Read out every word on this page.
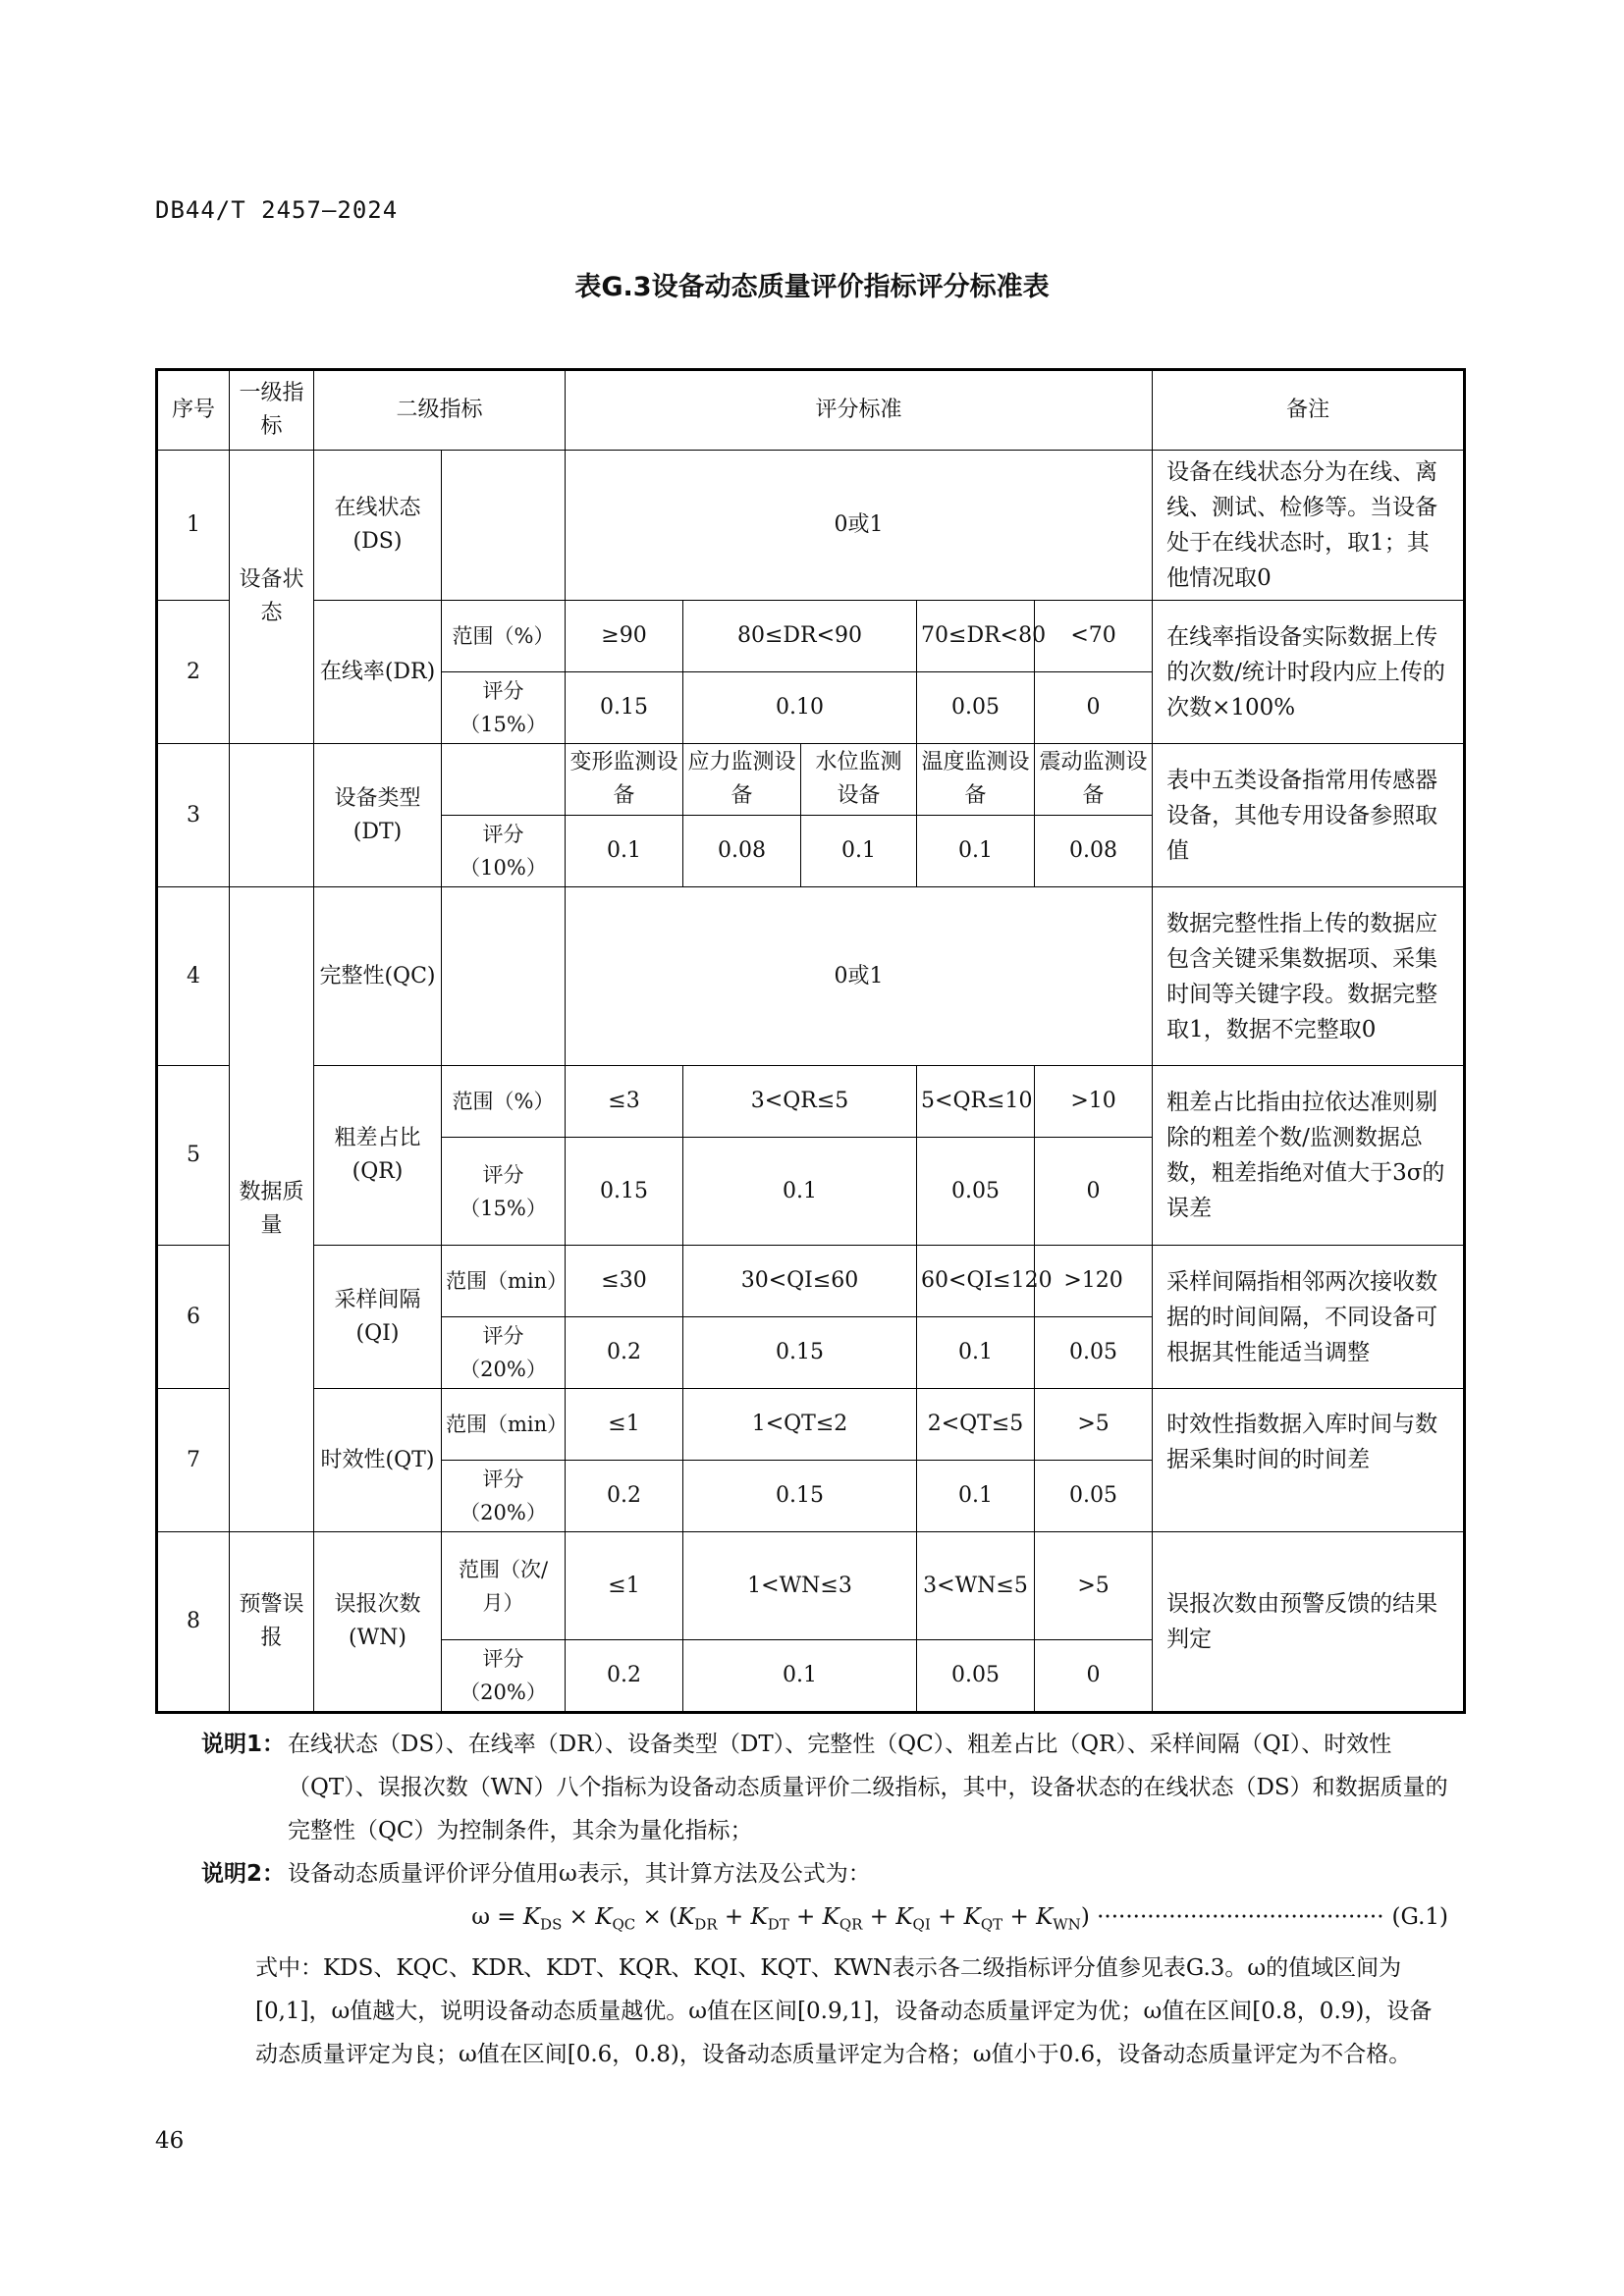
DB44/T 2457—2024
表G.3设备动态质量评价指标评分标准表
序号	一级指标	二级指标		评分标准					备注
1	设备状态	在线状态(DS)		0或1					设备在线状态分为在线、离线、测试、检修等。当设备处于在线状态时，取1；其他情况取0
2		在线率(DR)	范围（%）	≥90	80≤DR<90		70≤DR<80	<70	在线率指设备实际数据上传的次数/统计时段内应上传的次数×100%
			评分（15%）	0.15	0.10		0.05	0	
3		设备类型(DT)		变形监测设备	应力监测设备	水位监测设备	温度监测设备	震动监测设备	表中五类设备指常用传感器设备，其他专用设备参照取值
			评分（10%）	0.1	0.08	0.1	0.1	0.08	
4	数据质量	完整性(QC)		0或1					数据完整性指上传的数据应包含关键采集数据项、采集时间等关键字段。数据完整取1，数据不完整取0
5		粗差占比(QR)	范围（%）	≤3	3<QR≤5		5<QR≤10	>10	粗差占比指由拉依达准则剔除的粗差个数/监测数据总数，粗差指绝对值大于3σ的误差
			评分（15%）	0.15	0.1		0.05	0	
6		采样间隔(QI)	范围（min）	≤30	30<QI≤60		60<QI≤120	>120	采样间隔指相邻两次接收数据的时间间隔，不同设备可根据其性能适当调整
			评分（20%）	0.2	0.15		0.1	0.05	
7		时效性(QT)	范围（min）	≤1	1<QT≤2		2<QT≤5	>5	时效性指数据入库时间与数据采集时间的时间差
			评分（20%）	0.2	0.15		0.1	0.05	
8	预警误报	误报次数(WN)	范围（次/月）	≤1	1<WN≤3		3<WN≤5	>5	误报次数由预警反馈的结果判定
			评分（20%）	0.2	0.1		0.05	0	
说明1： 在线状态（DS）、在线率（DR）、设备类型（DT）、完整性（QC）、粗差占比（QR）、采样间隔（QI）、时效性（QT）、误报次数（WN）八个指标为设备动态质量评价二级指标，其中，设备状态的在线状态（DS）和数据质量的完整性（QC）为控制条件，其余为量化指标；
说明2： 设备动态质量评价评分值用ω表示，其计算方法及公式为：
$\omega = K_{DS} \times K_{QC} \times (K_{DR} + K_{DT} + K_{QR} + K_{QI} + K_{QT} + K_{WN})$ ········································ (G.1)
式中：KDS、KQC、KDR、KDT、KQR、KQI、KQT、KWN表示各二级指标评分值参见表G.3。ω的值域区间为[0,1]，ω值越大，说明设备动态质量越优。ω值在区间[0.9,1]，设备动态质量评定为优；ω值在区间[0.8，0.9)，设备动态质量评定为良；ω值在区间[0.6，0.8)，设备动态质量评定为合格；ω值小于0.6，设备动态质量评定为不合格。
46
